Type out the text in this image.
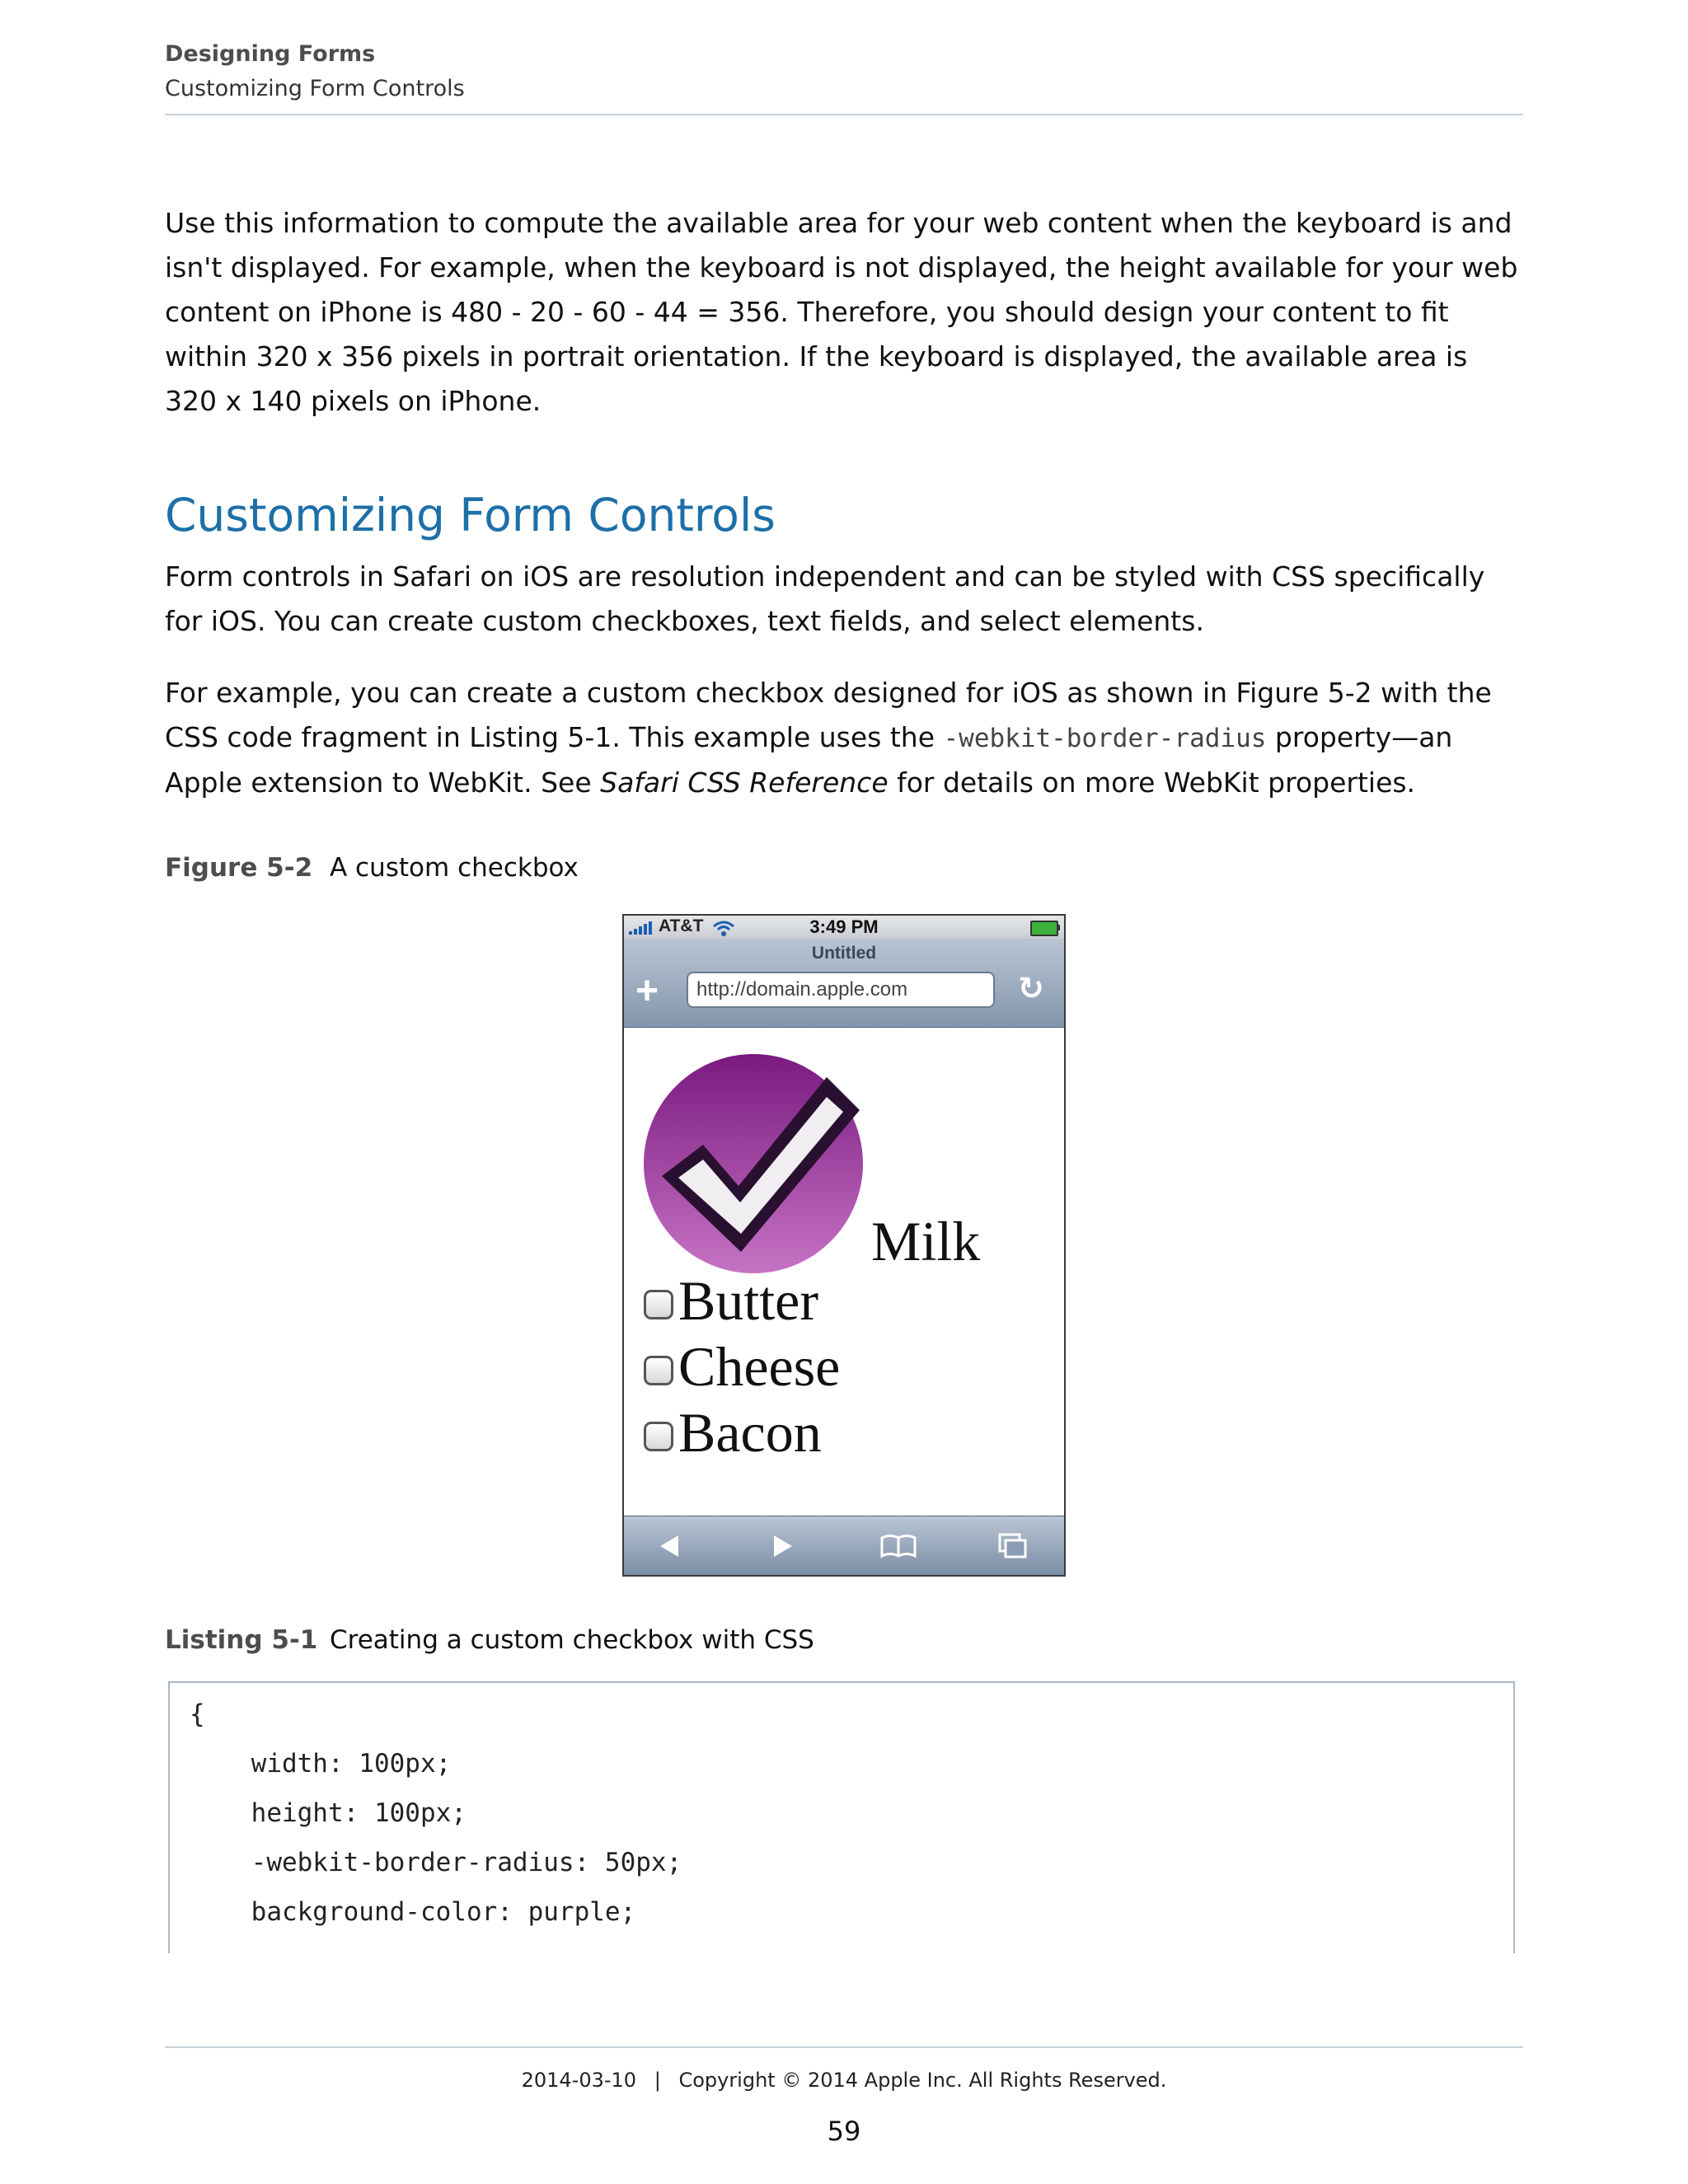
Designing Forms
Customizing Form Controls
Use this information to compute the available area for your web content when the keyboard is and isn't displayed. For example, when the keyboard is not displayed, the height available for your web content on iPhone is 480 - 20 - 60 - 44 = 356. Therefore, you should design your content to fit within 320 x 356 pixels in portrait orientation. If the keyboard is displayed, the available area is 320 x 140 pixels on iPhone.
Customizing Form Controls
Form controls in Safari on iOS are resolution independent and can be styled with CSS specifically for iOS. You can create custom checkboxes, text fields, and select elements.
For example, you can create a custom checkbox designed for iOS as shown in Figure 5-2 with the CSS code fragment in Listing 5-1. This example uses the -webkit-border-radius property—an Apple extension to WebKit. See Safari CSS Reference for details on more WebKit properties.
Figure 5-2 A custom checkbox
AT&T	3:49 PM
Untitled
+	http://domain.apple.com	↻
Milk
Butter
Cheese
Bacon
Listing 5-1 Creating a custom checkbox with CSS
{
width: 100px;
height: 100px;
-webkit-border-radius: 50px;
background-color: purple;
2014-03-10 | Copyright © 2014 Apple Inc. All Rights Reserved.
59
